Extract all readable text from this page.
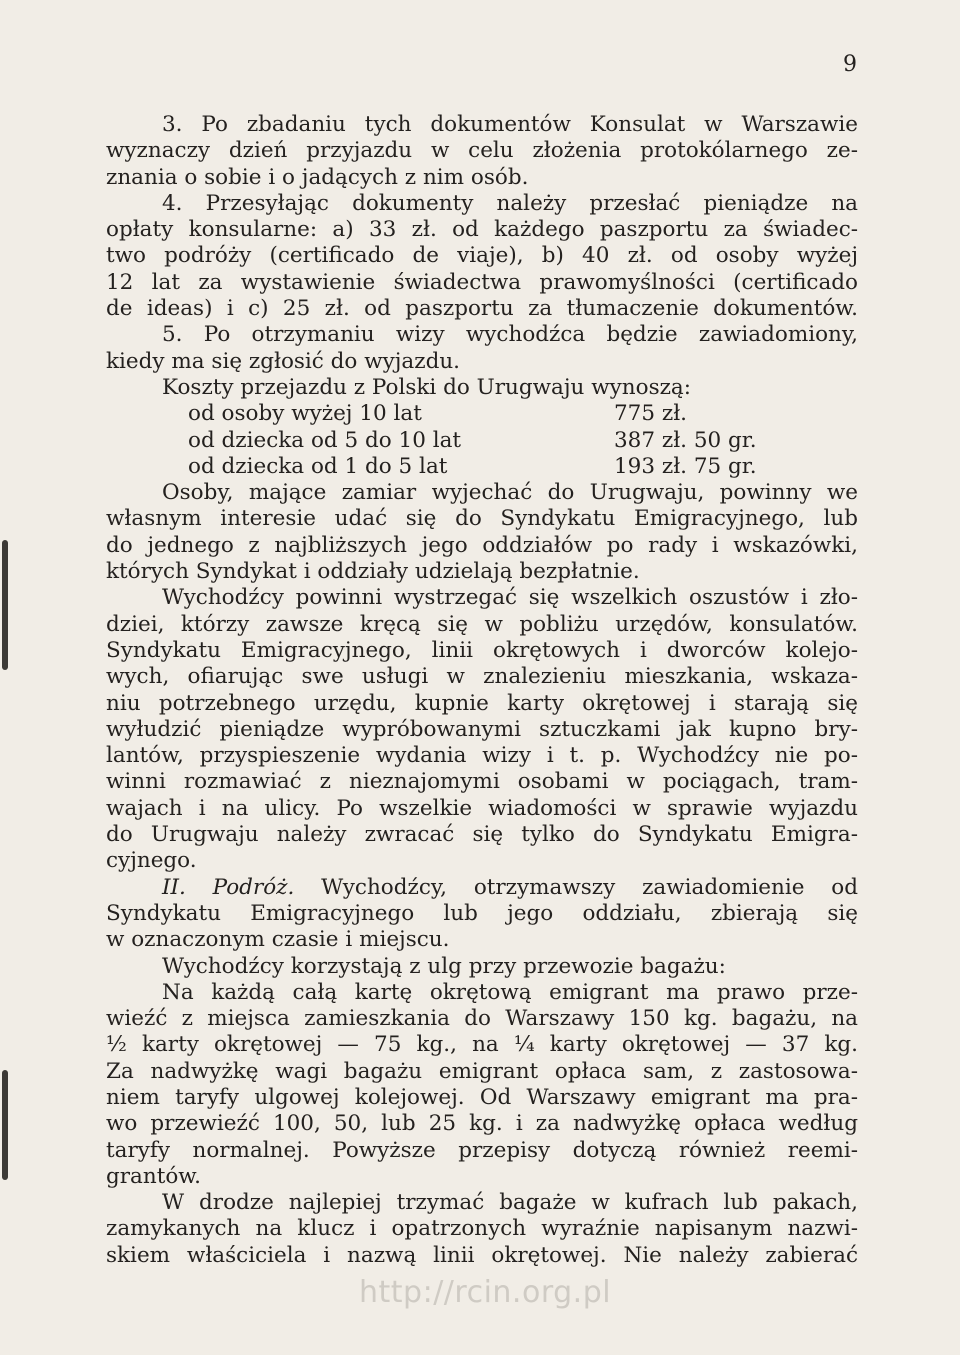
9
3. Po zbadaniu tych dokumentów Konsulat w Warszawie
wyznaczy dzień przyjazdu w celu złożenia protokólarnego ze-
znania o sobie i o jadących z nim osób.
4. Przesyłając dokumenty należy przesłać pieniądze na
opłaty konsularne: a) 33 zł. od każdego paszportu za świadec-
two podróży (certificado de viaje), b) 40 zł. od osoby wyżej
12 lat za wystawienie świadectwa prawomyślności (certificado
de ideas) i c) 25 zł. od paszportu za tłumaczenie dokumentów.
5. Po otrzymaniu wizy wychodźca będzie zawiadomiony,
kiedy ma się zgłosić do wyjazdu.
Koszty przejazdu z Polski do Urugwaju wynoszą:
od osoby wyżej 10 lat	775 zł.
od dziecka od 5 do 10 lat	387 zł. 50 gr.
od dziecka od 1 do 5 lat	193 zł. 75 gr.
Osoby, mające zamiar wyjechać do Urugwaju, powinny we
własnym interesie udać się do Syndykatu Emigracyjnego, lub
do jednego z najbliższych jego oddziałów po rady i wskazówki,
których Syndykat i oddziały udzielają bezpłatnie.
Wychodźcy powinni wystrzegać się wszelkich oszustów i zło-
dziei, którzy zawsze kręcą się w pobliżu urzędów, konsulatów.
Syndykatu Emigracyjnego, linii okrętowych i dworców kolejo-
wych, ofiarując swe usługi w znalezieniu mieszkania, wskaza-
niu potrzebnego urzędu, kupnie karty okrętowej i starają się
wyłudzić pieniądze wypróbowanymi sztuczkami jak kupno bry-
lantów, przyspieszenie wydania wizy i t. p. Wychodźcy nie po-
winni rozmawiać z nieznajomymi osobami w pociągach, tram-
wajach i na ulicy. Po wszelkie wiadomości w sprawie wyjazdu
do Urugwaju należy zwracać się tylko do Syndykatu Emigra-
cyjnego.
II. Podróż. Wychodźcy, otrzymawszy zawiadomienie od
Syndykatu Emigracyjnego lub jego oddziału, zbierają się
w oznaczonym czasie i miejscu.
Wychodźcy korzystają z ulg przy przewozie bagażu:
Na każdą całą kartę okrętową emigrant ma prawo prze-
wieźć z miejsca zamieszkania do Warszawy 150 kg. bagażu, na
½ karty okrętowej — 75 kg., na ¼ karty okrętowej — 37 kg.
Za nadwyżkę wagi bagażu emigrant opłaca sam, z zastosowa-
niem taryfy ulgowej kolejowej. Od Warszawy emigrant ma pra-
wo przewieźć 100, 50, lub 25 kg. i za nadwyżkę opłaca według
taryfy normalnej. Powyższe przepisy dotyczą również reemi-
grantów.
W drodze najlepiej trzymać bagaże w kufrach lub pakach,
zamykanych na klucz i opatrzonych wyraźnie napisanym nazwi-
skiem właściciela i nazwą linii okrętowej. Nie należy zabierać
http://rcin.org.pl
